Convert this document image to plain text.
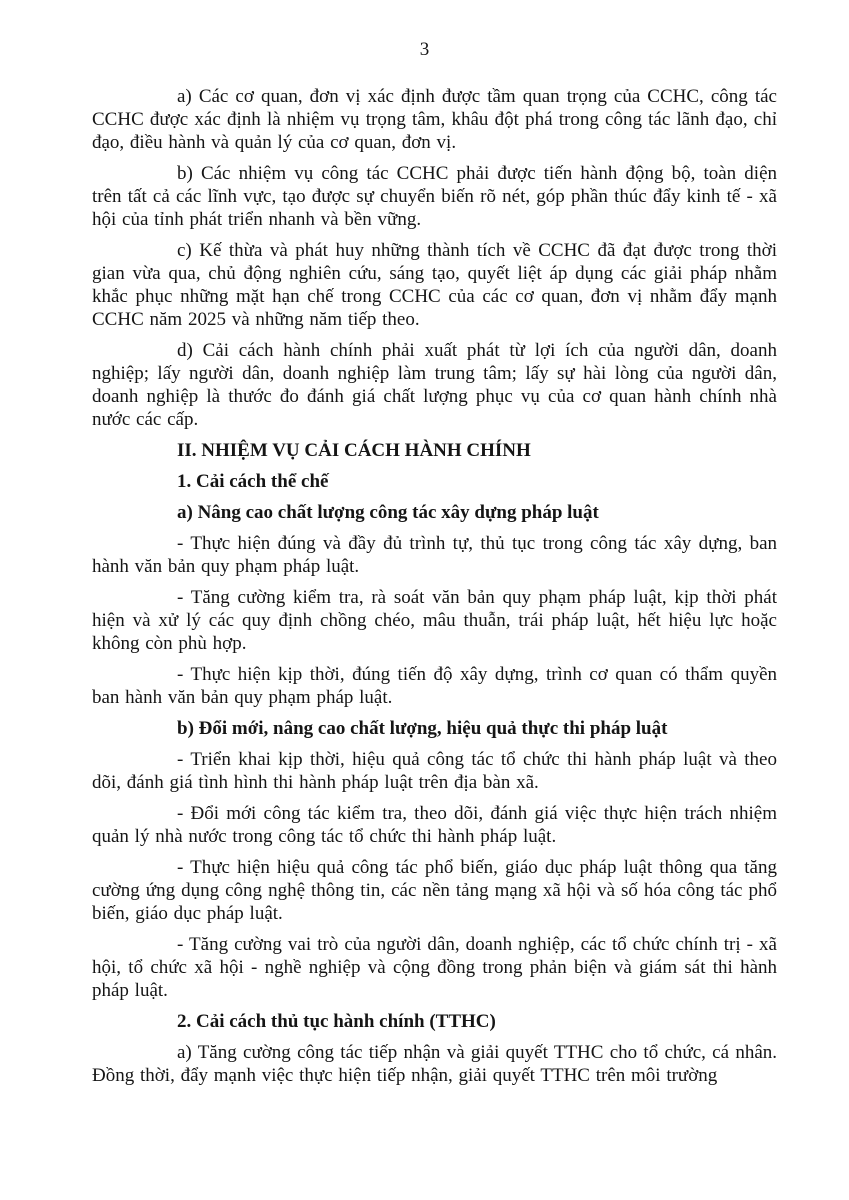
3

a) Các cơ quan, đơn vị xác định được tầm quan trọng của CCHC, công tác CCHC được xác định là nhiệm vụ trọng tâm, khâu đột phá trong công tác lãnh đạo, chỉ đạo, điều hành và quản lý của cơ quan, đơn vị.

b) Các nhiệm vụ công tác CCHC phải được tiến hành động bộ, toàn diện trên tất cả các lĩnh vực, tạo được sự chuyển biến rõ nét, góp phần thúc đẩy kinh tế - xã hội của tỉnh phát triển nhanh và bền vững.

c) Kế thừa và phát huy những thành tích về CCHC đã đạt được trong thời gian vừa qua, chủ động nghiên cứu, sáng tạo, quyết liệt áp dụng các giải pháp nhằm khắc phục những mặt hạn chế trong CCHC của các cơ quan, đơn vị nhằm đẩy mạnh CCHC năm 2025 và những năm tiếp theo.

d) Cải cách hành chính phải xuất phát từ lợi ích của người dân, doanh nghiệp; lấy người dân, doanh nghiệp làm trung tâm; lấy sự hài lòng của người dân, doanh nghiệp là thước đo đánh giá chất lượng phục vụ của cơ quan hành chính nhà nước các cấp.

II. NHIỆM VỤ CẢI CÁCH HÀNH CHÍNH

1. Cải cách thể chế

a) Nâng cao chất lượng công tác xây dựng pháp luật

- Thực hiện đúng và đầy đủ trình tự, thủ tục trong công tác xây dựng, ban hành văn bản quy phạm pháp luật.

- Tăng cường kiểm tra, rà soát văn bản quy phạm pháp luật, kịp thời phát hiện và xử lý các quy định chồng chéo, mâu thuẫn, trái pháp luật, hết hiệu lực hoặc không còn phù hợp.

- Thực hiện kịp thời, đúng tiến độ xây dựng, trình cơ quan có thẩm quyền ban hành văn bản quy phạm pháp luật.

b) Đổi mới, nâng cao chất lượng, hiệu quả thực thi pháp luật

- Triển khai kịp thời, hiệu quả công tác tổ chức thi hành pháp luật và theo dõi, đánh giá tình hình thi hành pháp luật trên địa bàn xã.

- Đổi mới công tác kiểm tra, theo dõi, đánh giá việc thực hiện trách nhiệm quản lý nhà nước trong công tác tổ chức thi hành pháp luật.

- Thực hiện hiệu quả công tác phổ biến, giáo dục pháp luật thông qua tăng cường ứng dụng công nghệ thông tin, các nền tảng mạng xã hội và số hóa công tác phổ biến, giáo dục pháp luật.

- Tăng cường vai trò của người dân, doanh nghiệp, các tổ chức chính trị - xã hội, tổ chức xã hội - nghề nghiệp và cộng đồng trong phản biện và giám sát thi hành pháp luật.

2. Cải cách thủ tục hành chính (TTHC)

a) Tăng cường công tác tiếp nhận và giải quyết TTHC cho tổ chức, cá nhân. Đồng thời, đẩy mạnh việc thực hiện tiếp nhận, giải quyết TTHC trên môi trường
